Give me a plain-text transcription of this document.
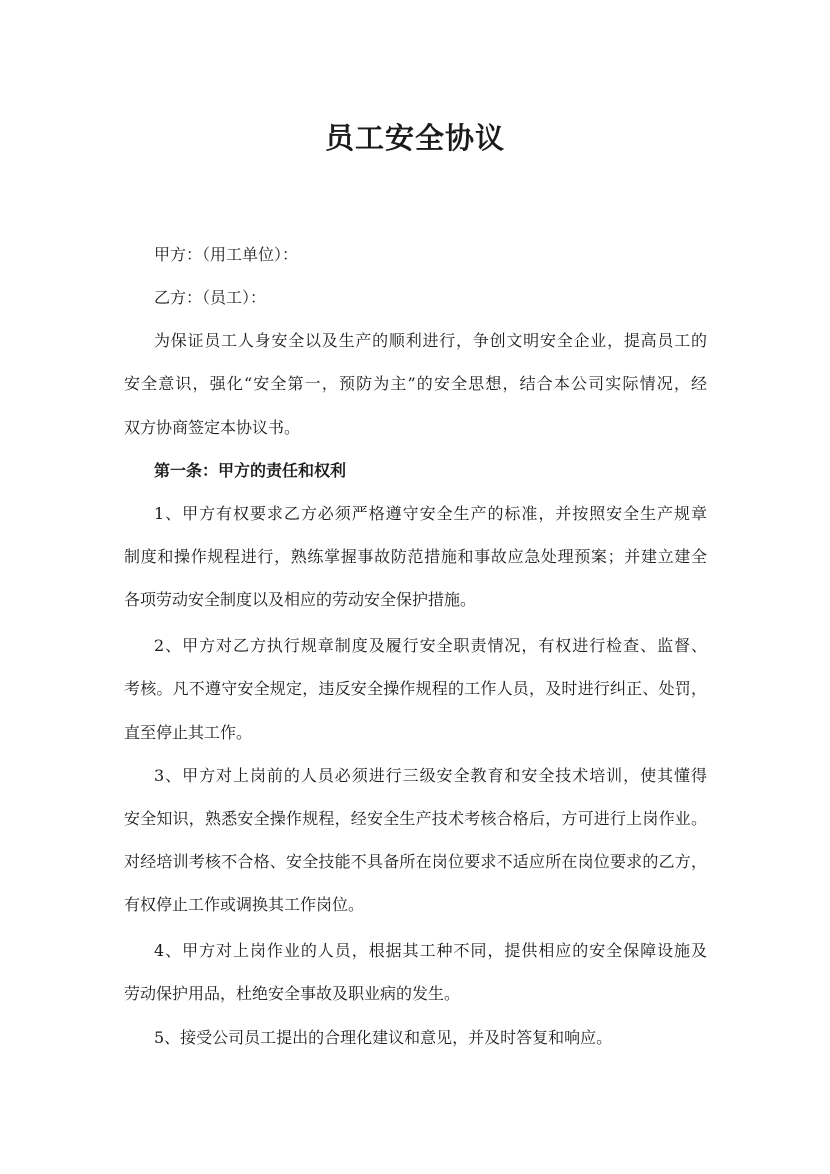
员工安全协议
甲方：（用工单位）：
乙方：（员工）：
为保证员工人身安全以及生产的顺利进行，争创文明安全企业，提高员工的
安全意识，强化“安全第一，预防为主”的安全思想，结合本公司实际情况，经
双方协商签定本协议书。
第一条：甲方的责任和权利
1、甲方有权要求乙方必须严格遵守安全生产的标准，并按照安全生产规章
制度和操作规程进行，熟练掌握事故防范措施和事故应急处理预案；并建立建全
各项劳动安全制度以及相应的劳动安全保护措施。
2、甲方对乙方执行规章制度及履行安全职责情况，有权进行检查、监督、
考核。凡不遵守安全规定，违反安全操作规程的工作人员，及时进行纠正、处罚，
直至停止其工作。
3、甲方对上岗前的人员必须进行三级安全教育和安全技术培训，使其懂得
安全知识，熟悉安全操作规程，经安全生产技术考核合格后，方可进行上岗作业。
对经培训考核不合格、安全技能不具备所在岗位要求不适应所在岗位要求的乙方，
有权停止工作或调换其工作岗位。
4、甲方对上岗作业的人员，根据其工种不同，提供相应的安全保障设施及
劳动保护用品，杜绝安全事故及职业病的发生。
5、接受公司员工提出的合理化建议和意见，并及时答复和响应。
